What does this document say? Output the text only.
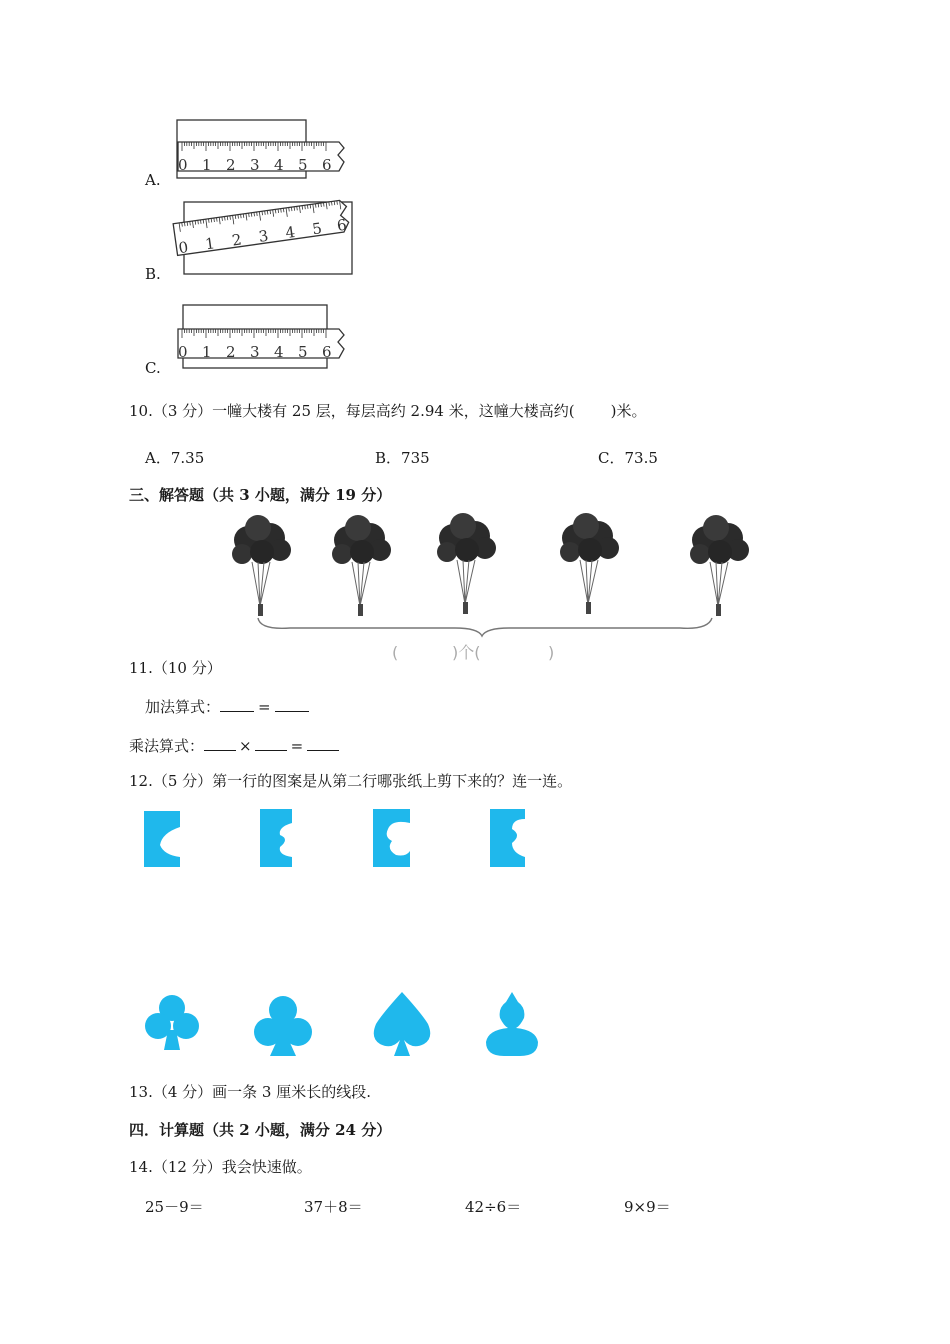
A.
0 1 2 3 4 5 6
B.
0 1 2 3 4 5 6
C.
0 1 2 3 4 5 6
10.（3 分）一幢大楼有 25 层，每层高约 2.94 米，这幢大楼高约( )米。
A．7.35	B．735	C．73.5
三、解答题（共 3 小题，满分 19 分）
(	)个(	)
11.（10 分）
加法算式：	=
乘法算式： ×	=
12.（5 分）第一行的图案是从第二行哪张纸上剪下来的？连一连。
13.（4 分）画一条 3 厘米长的线段.
四．计算题（共 2 小题，满分 24 分）
14.（12 分）我会快速做。
25－9＝	37＋8＝	42÷6＝	9×9＝
